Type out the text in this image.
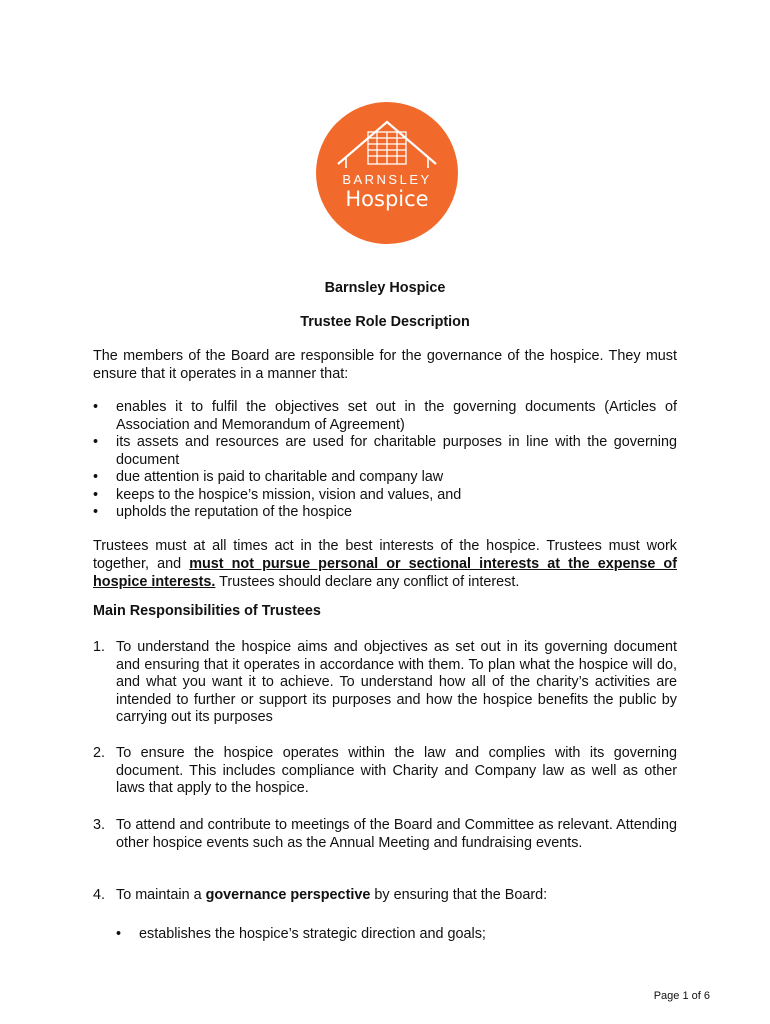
BARNSLEY
Hospice
Barnsley Hospice
Trustee Role Description
The members of the Board are responsible for the governance of the hospice. They must ensure that it operates in a manner that:
• enables it to fulfil the objectives set out in the governing documents (Articles of Association and Memorandum of Agreement)
• its assets and resources are used for charitable purposes in line with the governing document
• due attention is paid to charitable and company law
• keeps to the hospice’s mission, vision and values, and
• upholds the reputation of the hospice
Trustees must at all times act in the best interests of the hospice. Trustees must work together, and must not pursue personal or sectional interests at the expense of hospice interests. Trustees should declare any conflict of interest.
Main Responsibilities of Trustees
1. To understand the hospice aims and objectives as set out in its governing document and ensuring that it operates in accordance with them. To plan what the hospice will do, and what you want it to achieve. To understand how all of the charity’s activities are intended to further or support its purposes and how the hospice benefits the public by carrying out its purposes
2. To ensure the hospice operates within the law and complies with its governing document. This includes compliance with Charity and Company law as well as other laws that apply to the hospice.
3. To attend and contribute to meetings of the Board and Committee as relevant. Attending other hospice events such as the Annual Meeting and fundraising events.
4. To maintain a governance perspective by ensuring that the Board:
• establishes the hospice’s strategic direction and goals;
Page 1 of 6
